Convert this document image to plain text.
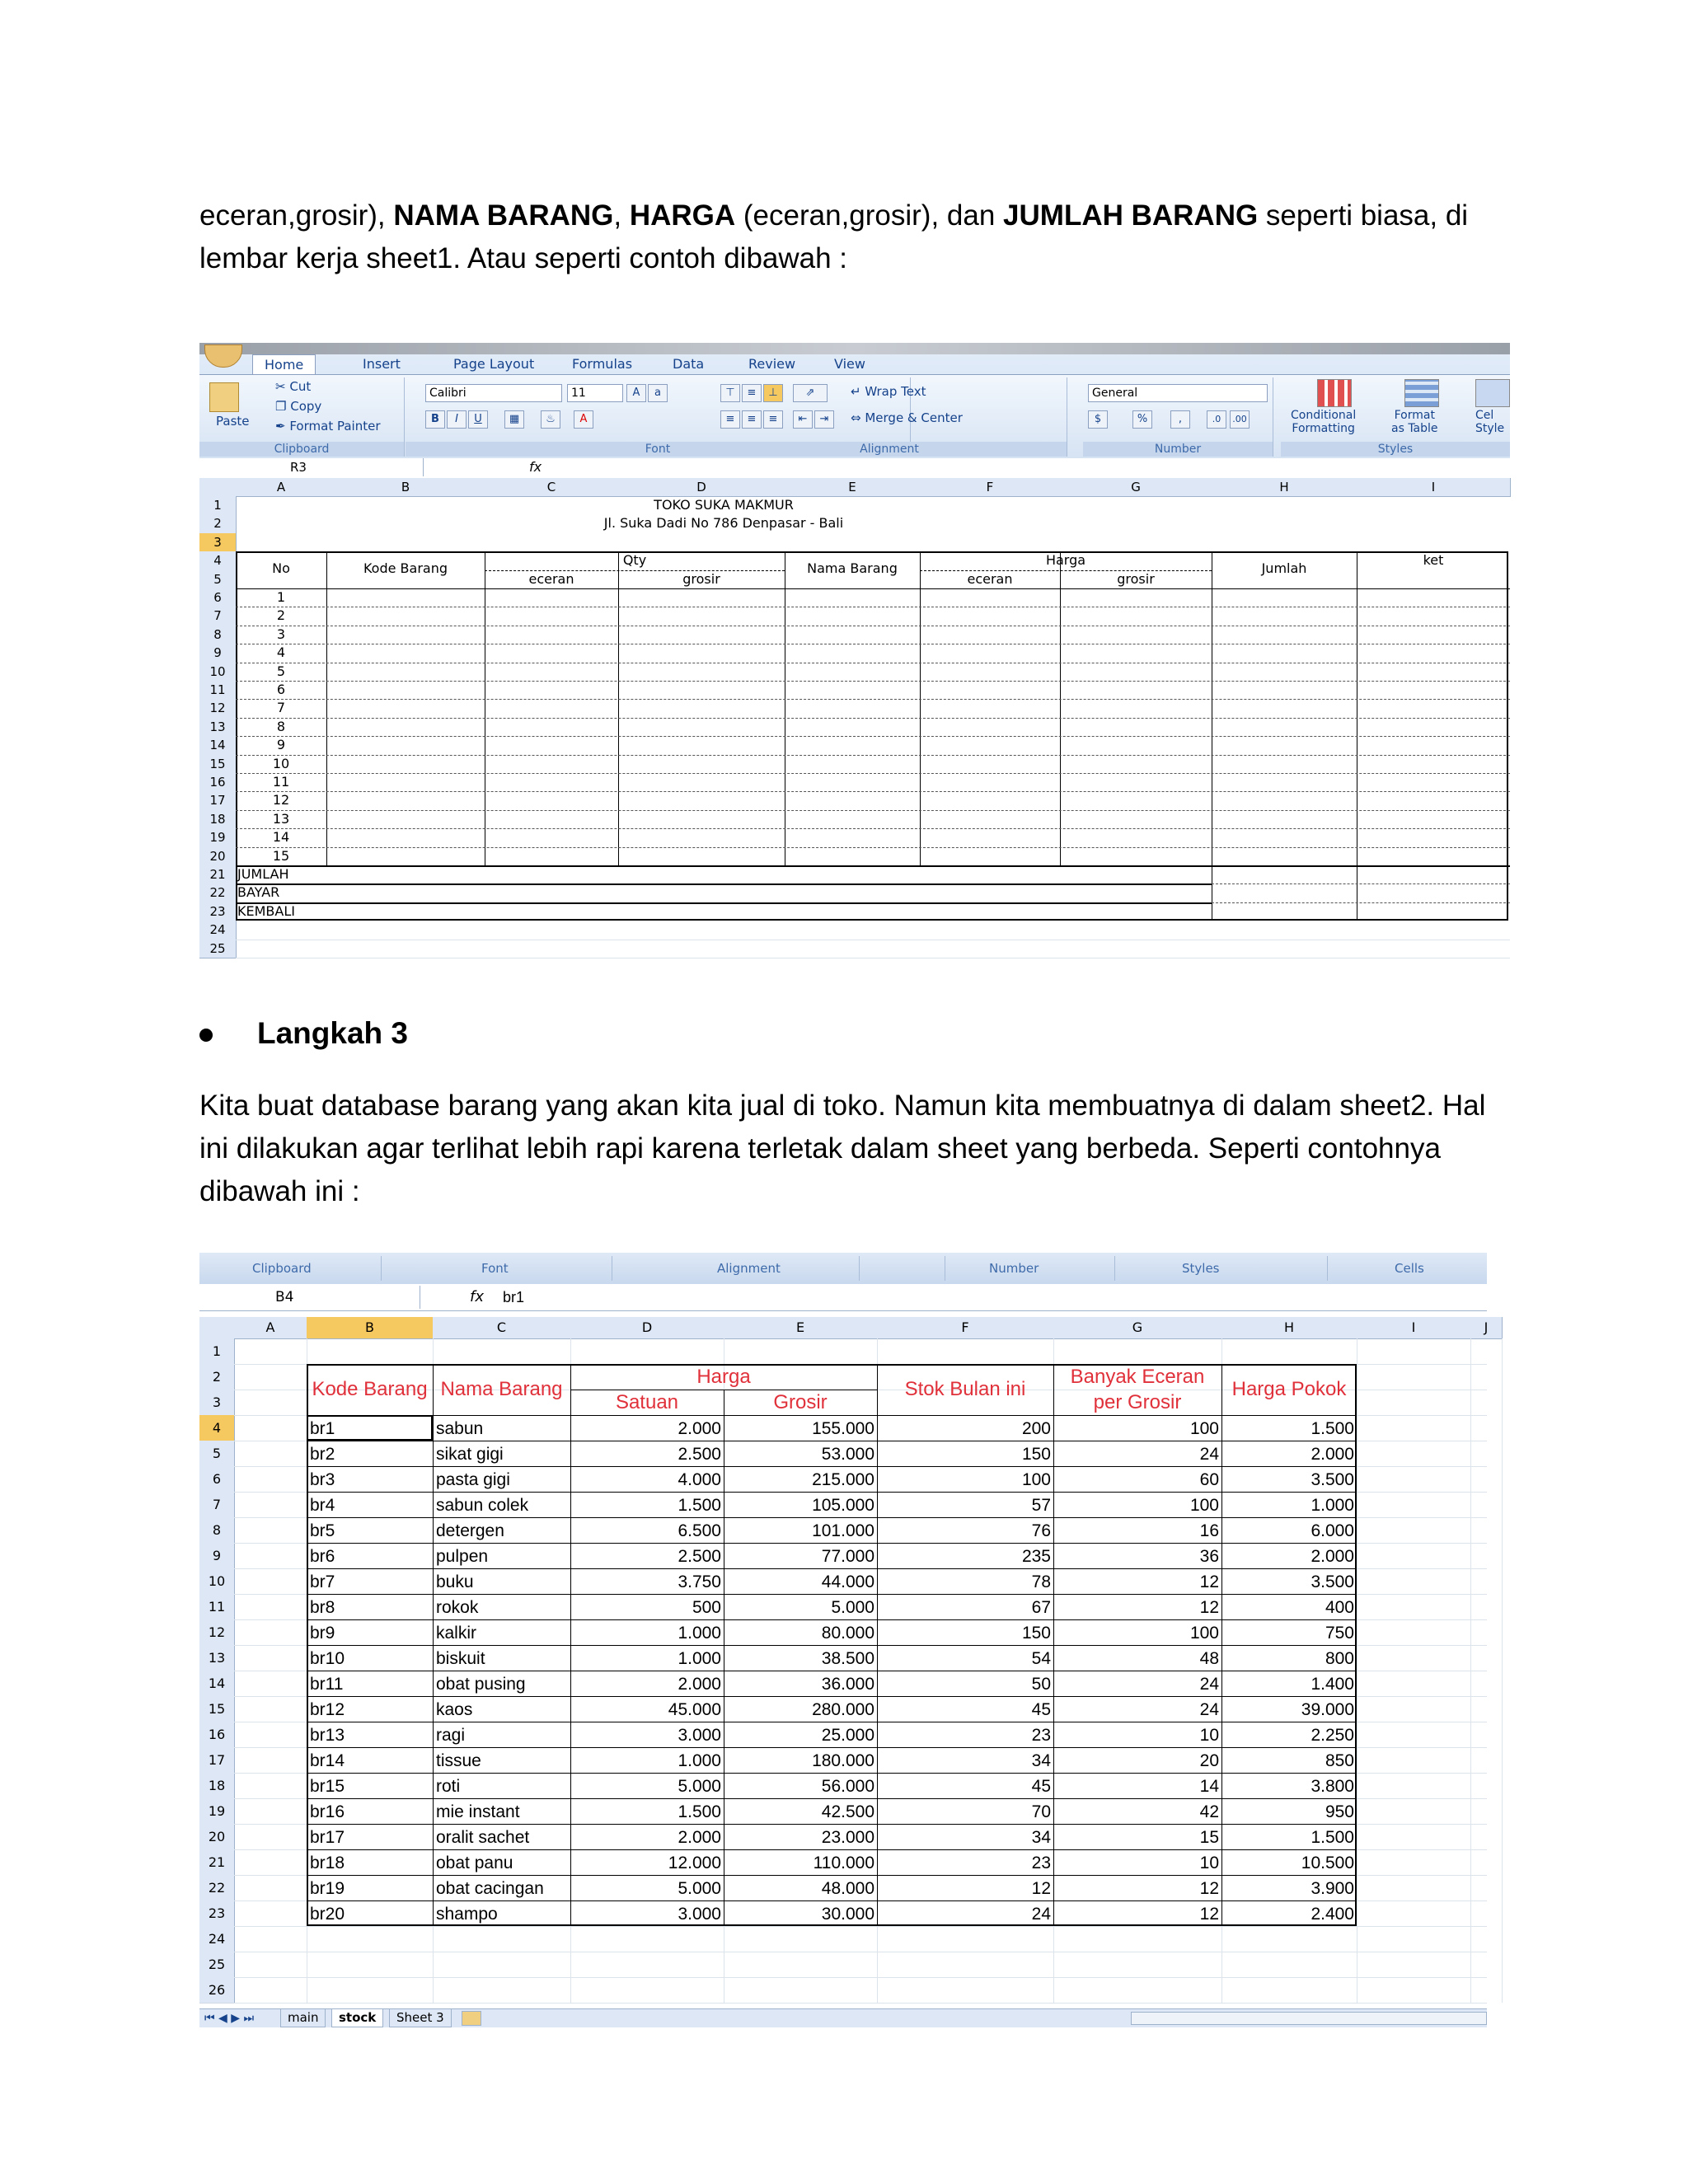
eceran,grosir), NAMA BARANG, HARGA (eceran,grosir), dan JUMLAH BARANG seperti biasa, di lembar kerja sheet1. Atau seperti contoh dibawah :
Home	Insert	Page Layout	Formulas	Data	Review	View
Paste
✂ Cut
❐ Copy
✒ Format Painter
Clipboard
Calibri	11	A	a
B	I	U	▦	♨	A
Font
⊤	≡	⊥	⇗
≡	≡	≡	⇤	⇥
↵ Wrap Text
⇔ Merge & Center
Alignment
General
$	%	,	.0	.00
Number
Conditional
Formatting
Format
as Table
Cel
Style
Styles
R3	fx
A	B	C	D	E	F	G	H	I
1
2
3
4
5
6
7
8
9
10
11
12
13
14
15
16
17
18
19
20
21
22
23
24
25
TOKO SUKA MAKMUR
Jl. Suka Dadi No 786 Denpasar - Bali
No	Kode Barang
Qty
eceran	grosir
Nama Barang
Harga
eceran	grosir
Jumlah
ket
1
2
3
4
5
6
7
8
9
10
11
12
13
14
15
JUMLAH
BAYAR
KEMBALI
Langkah 3
Kita buat database barang yang akan kita jual di toko. Namun kita membuatnya di dalam sheet2. Hal ini dilakukan agar terlihat lebih rapi karena terletak dalam sheet yang berbeda. Seperti contohnya dibawah ini :
Clipboard	Font	Alignment	Number	Styles	Cells
B4	fx br1
A	B	C	D	E	F	G	H	I	J
1
2
3
4
5
6
7
8
9
10
11
12
13
14
15
16
17
18
19
20
21
22
23
24
25
26
Kode Barang Nama Barang
Harga
Satuan	Grosir
Stok Bulan ini
Banyak Eceran
per Grosir
Harga Pokok
br1	sabun	2.000	155.000	200	100	1.500
br2	sikat gigi	2.500	53.000	150	24	2.000
br3	pasta gigi	4.000	215.000	100	60	3.500
br4	sabun colek	1.500	105.000	57	100	1.000
br5	detergen	6.500	101.000	76	16	6.000
br6	pulpen	2.500	77.000	235	36	2.000
br7	buku	3.750	44.000	78	12	3.500
br8	rokok	500	5.000	67	12	400
br9	kalkir	1.000	80.000	150	100	750
br10	biskuit	1.000	38.500	54	48	800
br11	obat pusing	2.000	36.000	50	24	1.400
br12	kaos	45.000	280.000	45	24	39.000
br13	ragi	3.000	25.000	23	10	2.250
br14	tissue	1.000	180.000	34	20	850
br15	roti	5.000	56.000	45	14	3.800
br16	mie instant	1.500	42.500	70	42	950
br17	oralit sachet	2.000	23.000	34	15	1.500
br18	obat panu	12.000	110.000	23	10	10.500
br19	obat cacingan	5.000	48.000	12	12	3.900
br20	shampo	3.000	30.000	24	12	2.400
⏮ ◀ ▶ ⏭	main	stock	Sheet 3
